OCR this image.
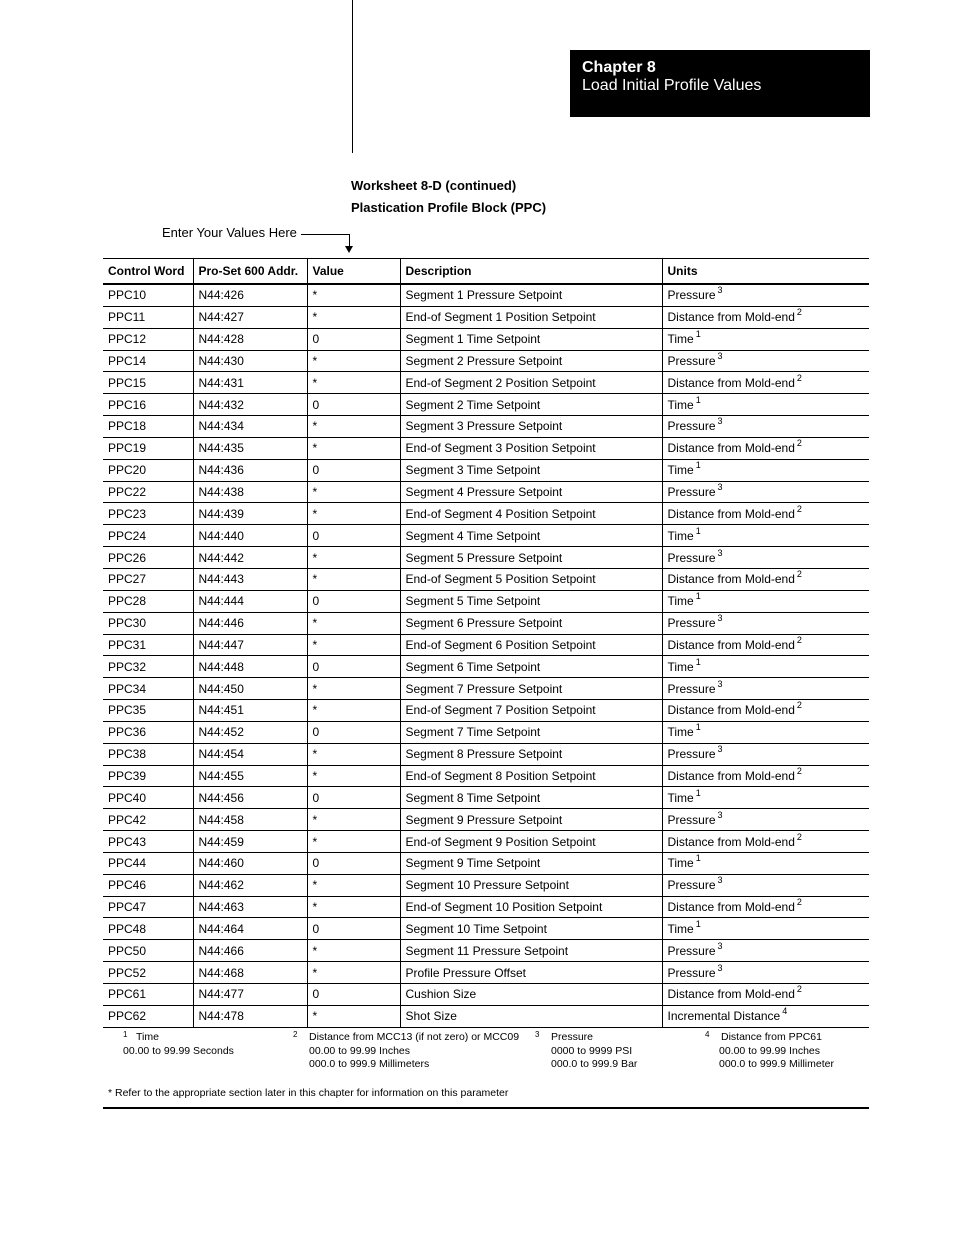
Chapter 8
Load Initial Profile Values
Worksheet 8-D (continued)
Plastication Profile Block (PPC)
Enter Your Values Here
Control Word	Pro-Set 600 Addr.	Value	Description	Units
PPC10	N44:426	*	Segment 1 Pressure Setpoint	Pressure $^3$
PPC11	N44:427	*	End-of Segment 1 Position Setpoint	Distance from Mold-end $^2$
PPC12	N44:428	0	Segment 1 Time Setpoint	Time $^1$
PPC14	N44:430	*	Segment 2 Pressure Setpoint	Pressure $^3$
PPC15	N44:431	*	End-of Segment 2 Position Setpoint	Distance from Mold-end $^2$
PPC16	N44:432	0	Segment 2 Time Setpoint	Time $^1$
PPC18	N44:434	*	Segment 3 Pressure Setpoint	Pressure $^3$
PPC19	N44:435	*	End-of Segment 3 Position Setpoint	Distance from Mold-end $^2$
PPC20	N44:436	0	Segment 3 Time Setpoint	Time $^1$
PPC22	N44:438	*	Segment 4 Pressure Setpoint	Pressure $^3$
PPC23	N44:439	*	End-of Segment 4 Position Setpoint	Distance from Mold-end $^2$
PPC24	N44:440	0	Segment 4 Time Setpoint	Time $^1$
PPC26	N44:442	*	Segment 5 Pressure Setpoint	Pressure $^3$
PPC27	N44:443	*	End-of Segment 5 Position Setpoint	Distance from Mold-end $^2$
PPC28	N44:444	0	Segment 5 Time Setpoint	Time $^1$
PPC30	N44:446	*	Segment 6 Pressure Setpoint	Pressure $^3$
PPC31	N44:447	*	End-of Segment 6 Position Setpoint	Distance from Mold-end $^2$
PPC32	N44:448	0	Segment 6 Time Setpoint	Time $^1$
PPC34	N44:450	*	Segment 7 Pressure Setpoint	Pressure $^3$
PPC35	N44:451	*	End-of Segment 7 Position Setpoint	Distance from Mold-end $^2$
PPC36	N44:452	0	Segment 7 Time Setpoint	Time $^1$
PPC38	N44:454	*	Segment 8 Pressure Setpoint	Pressure $^3$
PPC39	N44:455	*	End-of Segment 8 Position Setpoint	Distance from Mold-end $^2$
PPC40	N44:456	0	Segment 8 Time Setpoint	Time $^1$
PPC42	N44:458	*	Segment 9 Pressure Setpoint	Pressure $^3$
PPC43	N44:459	*	End-of Segment 9 Position Setpoint	Distance from Mold-end $^2$
PPC44	N44:460	0	Segment 9 Time Setpoint	Time $^1$
PPC46	N44:462	*	Segment 10 Pressure Setpoint	Pressure $^3$
PPC47	N44:463	*	End-of Segment 10 Position Setpoint	Distance from Mold-end $^2$
PPC48	N44:464	0	Segment 10 Time Setpoint	Time $^1$
PPC50	N44:466	*	Segment 11 Pressure Setpoint	Pressure $^3$
PPC52	N44:468	*	Profile Pressure Offset	Pressure $^3$
PPC61	N44:477	0	Cushion Size	Distance from Mold-end $^2$
PPC62	N44:478	*	Shot Size	Incremental Distance $^4$
1 Time
00.00 to 99.99 Seconds
2 Distance from MCC13 (if not zero) or MCC09
00.00 to 99.99 Inches
000.0 to 999.9 Millimeters
3 Pressure
0000 to 9999 PSI
000.0 to 999.9 Bar
4 Distance from PPC61
00.00 to 99.99 Inches
000.0 to 999.9 Millimeter
* Refer to the appropriate section later in this chapter for information on this parameter
